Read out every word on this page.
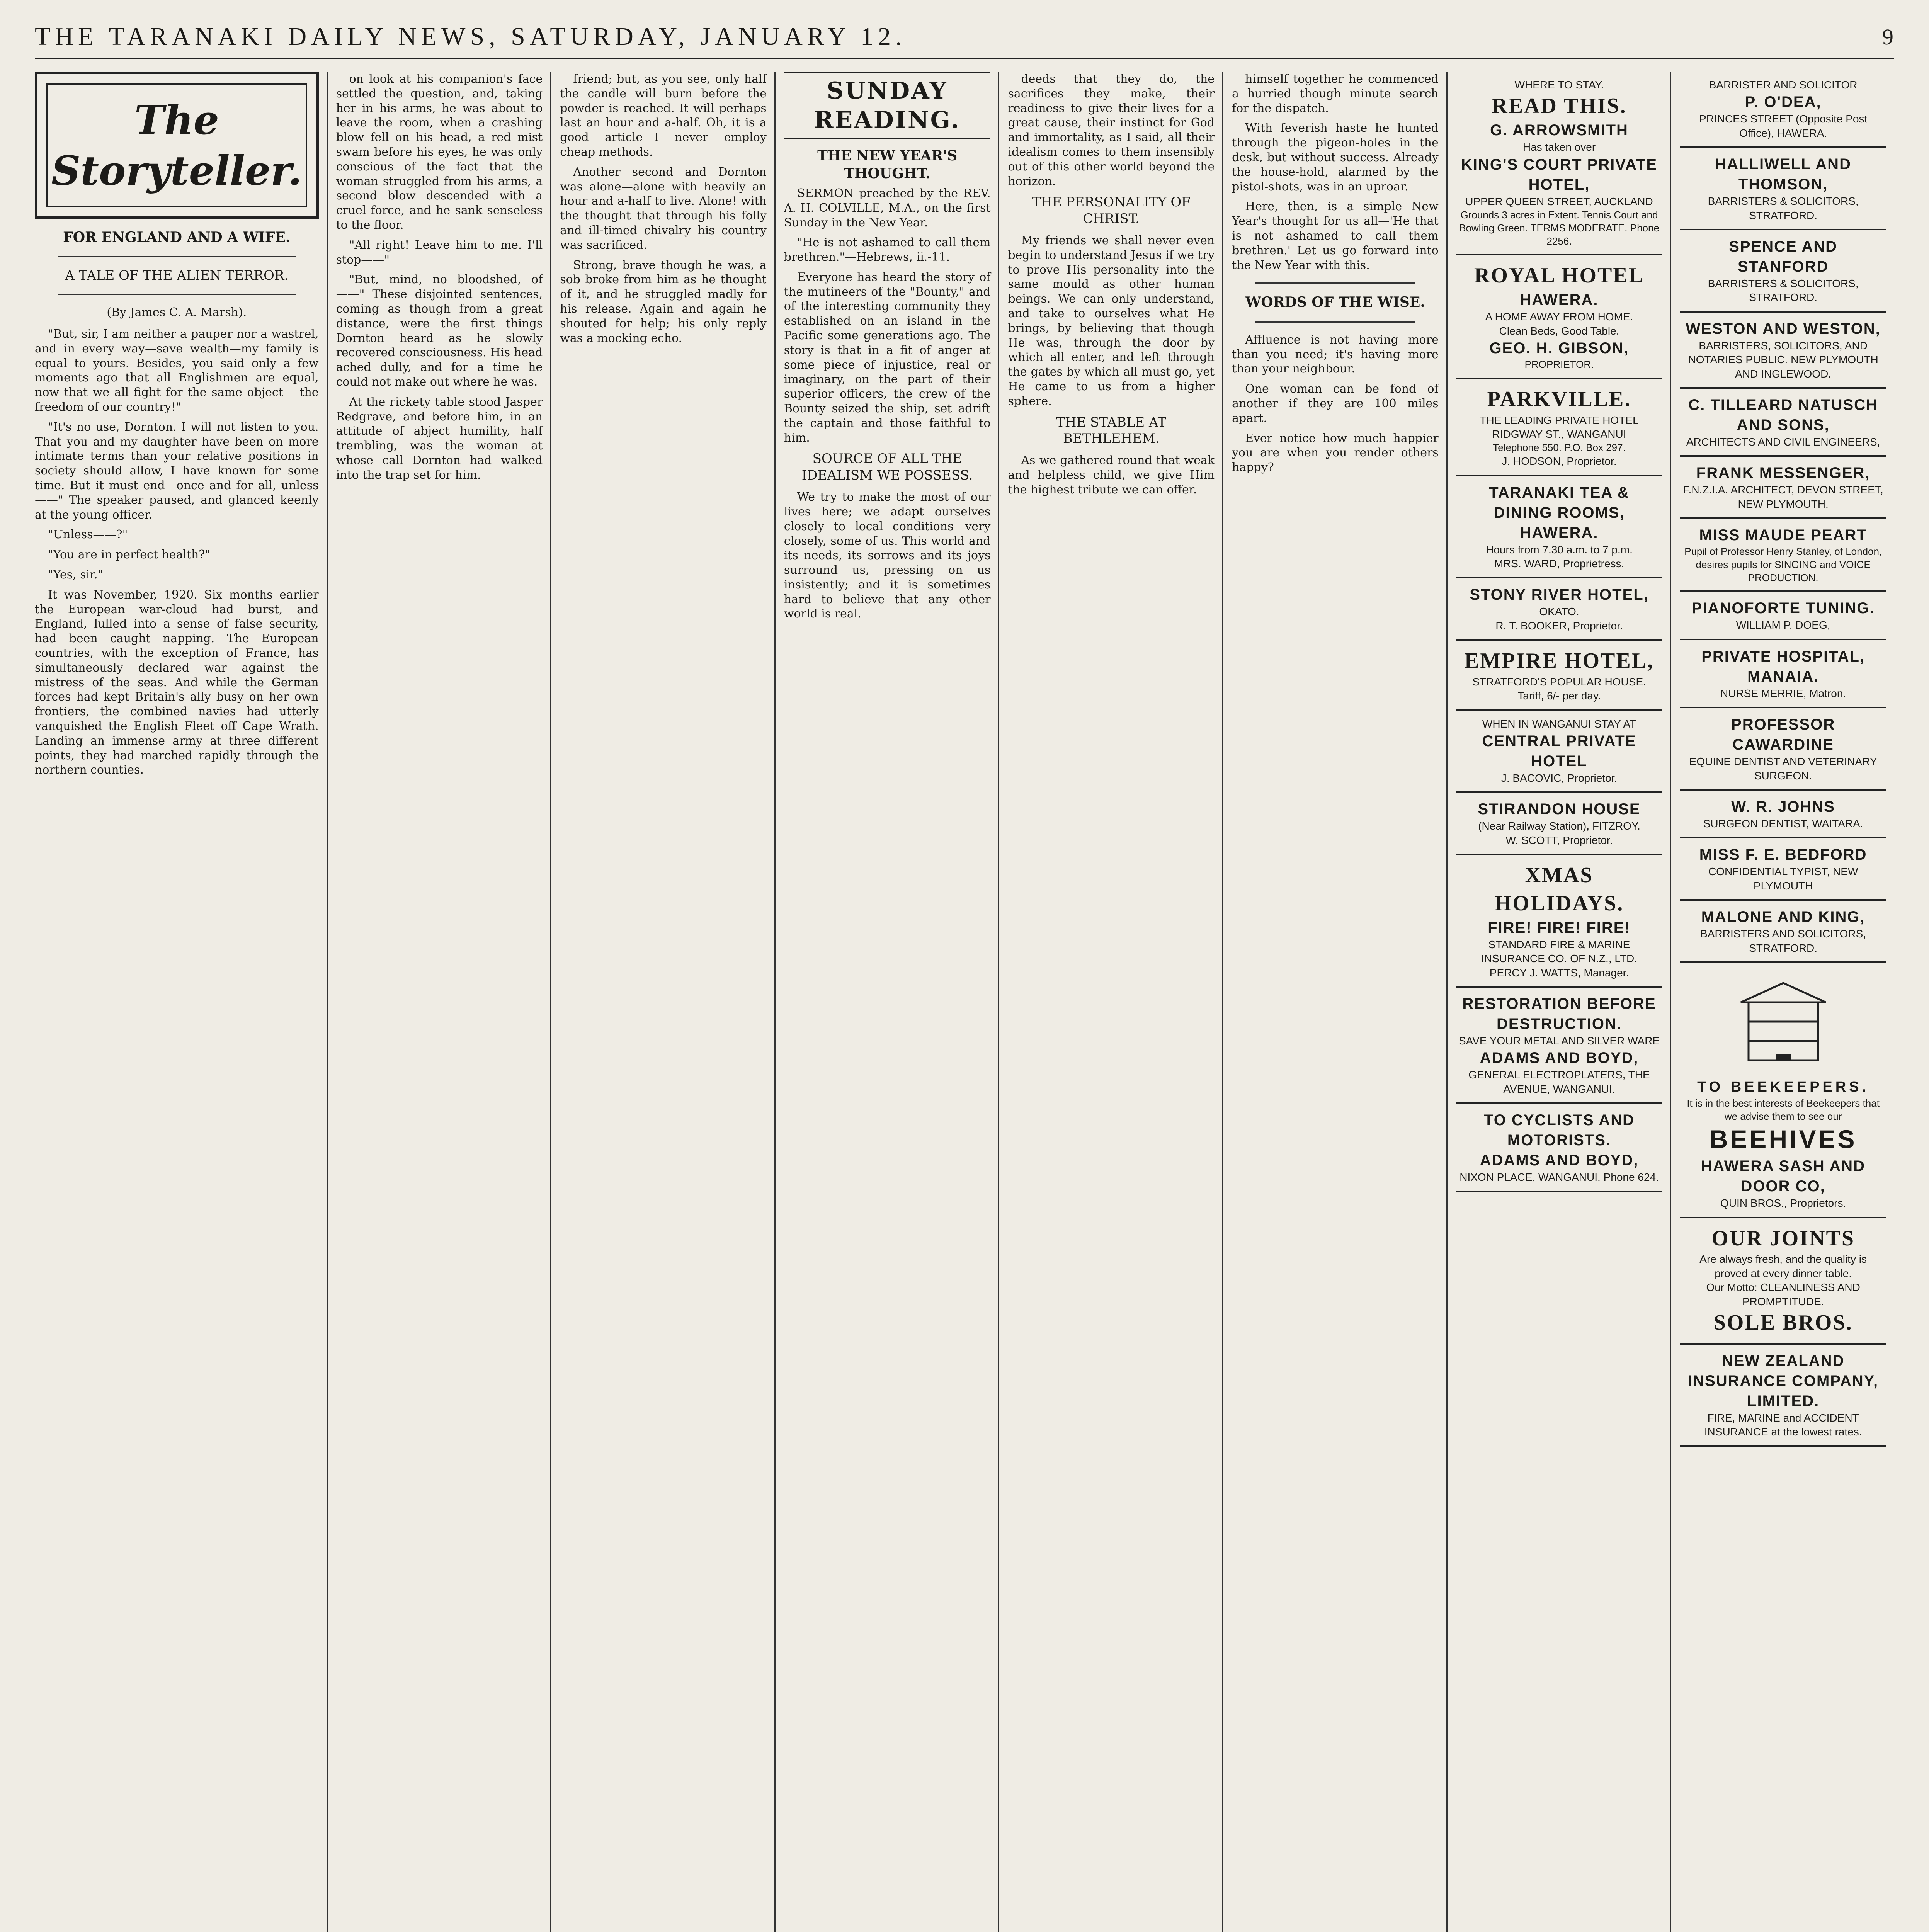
THE TARANAKI DAILY NEWS, SATURDAY, JANUARY 12.	9
The Storyteller.
FOR ENGLAND AND A WIFE.
A TALE OF THE ALIEN TERROR.
(By James C. A. Marsh).

"But, sir, I am neither a pauper nor a wastrel, and in every way—save wealth—my family is equal to yours. Besides, you said only a few moments ago that all Englishmen are equal, now that we all fight for the same object —the freedom of our country!"

"It's no use, Dornton. I will not listen to you. That you and my daughter have been on more intimate terms than your relative positions in society should allow, I have known for some time. But it must end—once and for all, unless——" The speaker paused, and glanced keenly at the young officer.

"Unless——?"

"You are in perfect health?"

"Yes, sir."

It was November, 1920. Six months earlier the European war-cloud had burst, and England, lulled into a sense of false security, had been caught napping. The European countries, with the exception of France, has simultaneously declared war against the mistress of the seas. And while the German forces had kept Britain's ally busy on her own frontiers, the combined navies had utterly vanquished the English Fleet off Cape Wrath. Landing an immense army at three different points, they had marched rapidly through the northern counties.

on look at his companion's face settled the question, and, taking her in his arms, he was about to leave the room, when a crashing blow fell on his head, a red mist swam before his eyes, he was only conscious of the fact that the woman struggled from his arms, a second blow descended with a cruel force, and he sank senseless to the floor.

"All right! Leave him to me. I'll stop——"

"But, mind, no bloodshed, of——" These disjointed sentences, coming as though from a great distance, were the first things Dornton heard as he slowly recovered consciousness. His head ached dully, and for a time he could not make out where he was.

At the rickety table stood Jasper Redgrave, and before him, in an attitude of abject humility, half trembling, was the woman at whose call Dornton had walked into the trap set for him.

friend; but, as you see, only half the candle will burn before the powder is reached. It will perhaps last an hour and a-half. Oh, it is a good article—I never employ cheap methods.

Another second and Dornton was alone—alone with heavily an hour and a-half to live. Alone! with the thought that through his folly and ill-timed chivalry his country was sacrificed.

Strong, brave though he was, a sob broke from him as he thought of it, and he struggled madly for his release. Again and again he shouted for help; his only reply was a mocking echo.

SUNDAY READING.
THE NEW YEAR'S THOUGHT.

SERMON preached by the REV. A. H. COLVILLE, M.A., on the first Sunday in the New Year.

"He is not ashamed to call them brethren."—Hebrews, ii.-11.

Everyone has heard the story of the mutineers of the "Bounty," and of the interesting community they established on an island in the Pacific some generations ago. The story is that in a fit of anger at some piece of injustice, real or imaginary, on the part of their superior officers, the crew of the Bounty seized the ship, set adrift the captain and those faithful to him.

SOURCE OF ALL THE IDEALISM WE POSSESS.

We try to make the most of our lives here; we adapt ourselves closely to local conditions—very closely, some of us. This world and its needs, its sorrows and its joys surround us, pressing on us insistently; and it is sometimes hard to believe that any other world is real.

deeds that they do, the sacrifices they make, their readiness to give their lives for a great cause, their instinct for God and immortality, as I said, all their idealism comes to them insensibly out of this other world beyond the horizon.

THE PERSONALITY OF CHRIST.

My friends we shall never even begin to understand Jesus if we try to prove His personality into the same mould as other human beings. We can only understand, and take to ourselves what He brings, by believing that though He was, through the door by which all enter, and left through the gates by which all must go, yet He came to us from a higher sphere.

THE STABLE AT BETHLEHEM.

As we gathered round that weak and helpless child, we give Him the highest tribute we can offer.

himself together he commenced a hurried though minute search for the dispatch.

With feverish haste he hunted through the pigeon-holes in the desk, but without success. Already the house-hold, alarmed by the pistol-shots, was in an uproar.

Here, then, is a simple New Year's thought for us all—'He that is not ashamed to call them brethren.' Let us go forward into the New Year with this.

WORDS OF THE WISE.

Affluence is not having more than you need; it's having more than your neighbour.

One woman can be fond of another if they are 100 miles apart.

Ever notice how much happier you are when you render others happy?

WHERE TO STAY.
READ THIS.
G. ARROWSMITH
Has taken over
KING'S COURT PRIVATE HOTEL,
UPPER QUEEN STREET, AUCKLAND
Grounds 3 acres in Extent. Tennis Court and Bowling Green. TERMS MODERATE. Phone 2256.
ROYAL HOTEL
HAWERA.
A HOME AWAY FROM HOME.
Clean Beds, Good Table.
GEO. H. GIBSON,
PROPRIETOR.
PARKVILLE.
THE LEADING PRIVATE HOTEL RIDGWAY ST., WANGANUI
Telephone 550. P.O. Box 297.
J. HODSON, Proprietor.
TARANAKI TEA & DINING ROOMS, HAWERA.
Hours from 7.30 a.m. to 7 p.m.
MRS. WARD, Proprietress.
STONY RIVER HOTEL,
OKATO.
R. T. BOOKER, Proprietor.
EMPIRE HOTEL,
STRATFORD'S POPULAR HOUSE.
Tariff, 6/- per day.
WHEN IN WANGANUI STAY AT
CENTRAL PRIVATE HOTEL
J. BACOVIC, Proprietor.
STIRANDON HOUSE
(Near Railway Station), FITZROY.
W. SCOTT, Proprietor.
XMAS HOLIDAYS.
FIRE! FIRE! FIRE!
STANDARD FIRE & MARINE INSURANCE CO. OF N.Z., LTD.
PERCY J. WATTS, Manager.
RESTORATION BEFORE DESTRUCTION.
SAVE YOUR METAL AND SILVER WARE
ADAMS AND BOYD,
GENERAL ELECTROPLATERS, THE AVENUE, WANGANUI.
TO CYCLISTS AND MOTORISTS.
ADAMS AND BOYD,
NIXON PLACE, WANGANUI. Phone 624.
BARRISTER AND SOLICITOR
P. O'DEA,
PRINCES STREET (Opposite Post Office), HAWERA.
HALLIWELL AND THOMSON,
BARRISTERS & SOLICITORS, STRATFORD.
SPENCE AND STANFORD
BARRISTERS & SOLICITORS, STRATFORD.
WESTON AND WESTON,
BARRISTERS, SOLICITORS, AND NOTARIES PUBLIC. NEW PLYMOUTH AND INGLEWOOD.
C. TILLEARD NATUSCH AND SONS,
ARCHITECTS AND CIVIL ENGINEERS,
FRANK MESSENGER,
F.N.Z.I.A. ARCHITECT, DEVON STREET, NEW PLYMOUTH.
MISS MAUDE PEART
Pupil of Professor Henry Stanley, of London, desires pupils for SINGING and VOICE PRODUCTION.
PIANOFORTE TUNING.
WILLIAM P. DOEG,
PRIVATE HOSPITAL, MANAIA.
NURSE MERRIE, Matron.
PROFESSOR CAWARDINE
EQUINE DENTIST AND VETERINARY SURGEON.
W. R. JOHNS
SURGEON DENTIST, WAITARA.
MISS F. E. BEDFORD
CONFIDENTIAL TYPIST, NEW PLYMOUTH
MALONE AND KING,
BARRISTERS AND SOLICITORS, STRATFORD.
TO BEEKEEPERS.
It is in the best interests of Beekeepers that we advise them to see our
BEEHIVES
HAWERA SASH AND DOOR CO,
QUIN BROS., Proprietors.
OUR JOINTS
Are always fresh, and the quality is proved at every dinner table.
Our Motto: CLEANLINESS AND PROMPTITUDE.
SOLE BROS.
NEW ZEALAND INSURANCE COMPANY, LIMITED.
FIRE, MARINE and ACCIDENT INSURANCE at the lowest rates.
